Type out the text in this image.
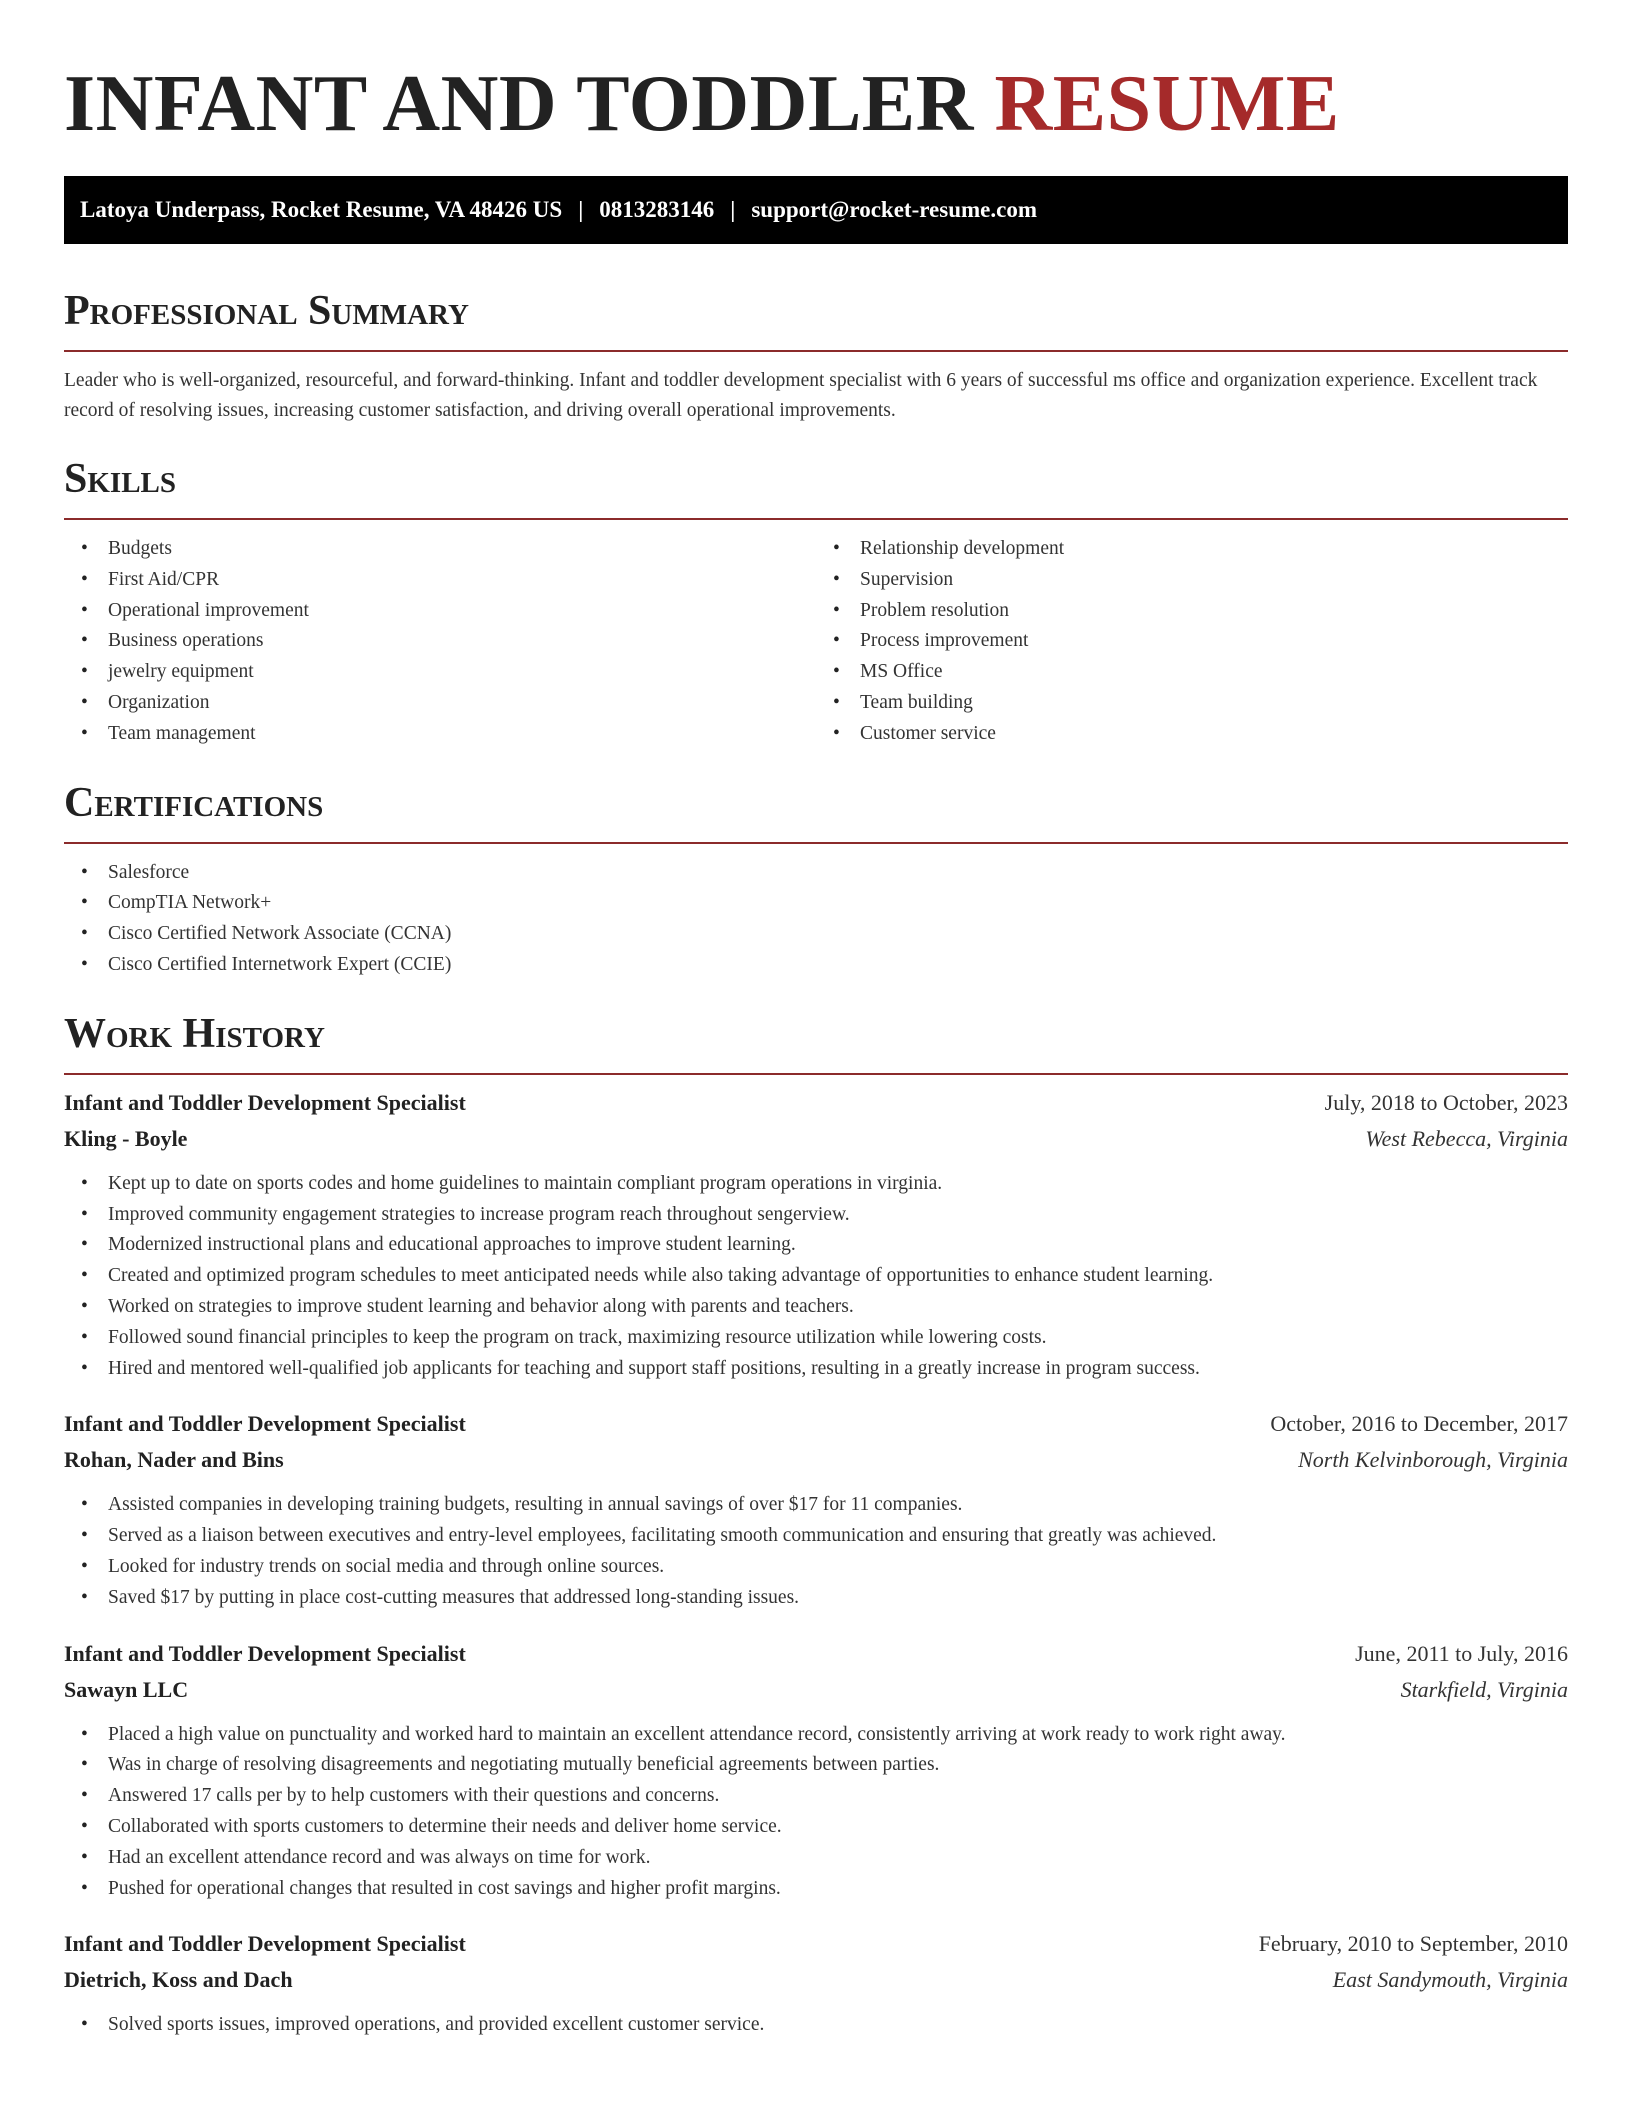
INFANT AND TODDLER RESUME
Latoya Underpass, Rocket Resume, VA 48426 US | 0813283146 | support@rocket-resume.com
Professional Summary

Leader who is well-organized, resourceful, and forward-thinking. Infant and toddler development specialist with 6 years of successful ms office and organization experience. Excellent track record of resolving issues, increasing customer satisfaction, and driving overall operational improvements.

Skills
• Budgets
• First Aid/CPR
• Operational improvement
• Business operations
• jewelry equipment
• Organization
• Team management
• Relationship development
• Supervision
• Problem resolution
• Process improvement
• MS Office
• Team building
• Customer service
Certifications
• Salesforce
• CompTIA Network+
• Cisco Certified Network Associate (CCNA)
• Cisco Certified Internetwork Expert (CCIE)
Work History
Infant and Toddler Development Specialist	July, 2018 to October, 2023
Kling - Boyle	West Rebecca, Virginia
• Kept up to date on sports codes and home guidelines to maintain compliant program operations in virginia.
• Improved community engagement strategies to increase program reach throughout sengerview.
• Modernized instructional plans and educational approaches to improve student learning.
• Created and optimized program schedules to meet anticipated needs while also taking advantage of opportunities to enhance student learning.
• Worked on strategies to improve student learning and behavior along with parents and teachers.
• Followed sound financial principles to keep the program on track, maximizing resource utilization while lowering costs.
• Hired and mentored well-qualified job applicants for teaching and support staff positions, resulting in a greatly increase in program success.
Infant and Toddler Development Specialist	October, 2016 to December, 2017
Rohan, Nader and Bins	North Kelvinborough, Virginia
• Assisted companies in developing training budgets, resulting in annual savings of over $17 for 11 companies.
• Served as a liaison between executives and entry-level employees, facilitating smooth communication and ensuring that greatly was achieved.
• Looked for industry trends on social media and through online sources.
• Saved $17 by putting in place cost-cutting measures that addressed long-standing issues.
Infant and Toddler Development Specialist	June, 2011 to July, 2016
Sawayn LLC	Starkfield, Virginia
• Placed a high value on punctuality and worked hard to maintain an excellent attendance record, consistently arriving at work ready to work right away.
• Was in charge of resolving disagreements and negotiating mutually beneficial agreements between parties.
• Answered 17 calls per by to help customers with their questions and concerns.
• Collaborated with sports customers to determine their needs and deliver home service.
• Had an excellent attendance record and was always on time for work.
• Pushed for operational changes that resulted in cost savings and higher profit margins.
Infant and Toddler Development Specialist	February, 2010 to September, 2010
Dietrich, Koss and Dach	East Sandymouth, Virginia
• Solved sports issues, improved operations, and provided excellent customer service.
